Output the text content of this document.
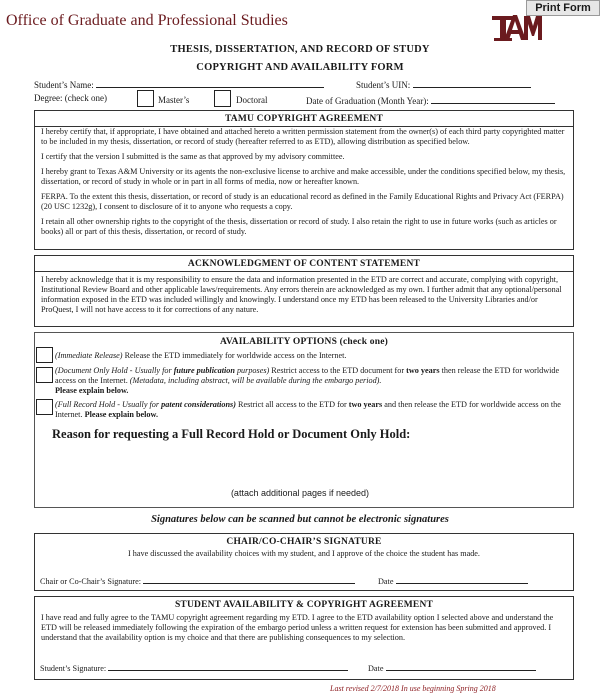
Office of Graduate and Professional Studies
Print Form
THESIS, DISSERTATION, AND RECORD OF STUDY
COPYRIGHT AND AVAILABILITY FORM
Student’s Name:	Student’s UIN:
Degree: (check one)	Master’s	Doctoral	Date of Graduation (Month Year):
TAMU COPYRIGHT AGREEMENT
I hereby certify that, if appropriate, I have obtained and attached hereto a written permission statement from the owner(s) of each third party copyrighted matter to be included in my thesis, dissertation, or record of study (hereafter referred to as ETD), allowing distribution as specified below.
I certify that the version I submitted is the same as that approved by my advisory committee.
I hereby grant to Texas A&M University or its agents the non-exclusive license to archive and make accessible, under the conditions specified below, my thesis, dissertation, or record of study in whole or in part in all forms of media, now or hereafter known.
FERPA. To the extent this thesis, dissertation, or record of study is an educational record as defined in the Family Educational Rights and Privacy Act (FERPA) (20 USC 1232g), I consent to disclosure of it to anyone who requests a copy.
I retain all other ownership rights to the copyright of the thesis, dissertation or record of study. I also retain the right to use in future works (such as articles or books) all or part of this thesis, dissertation, or record of study.
ACKNOWLEDGMENT OF CONTENT STATEMENT
I hereby acknowledge that it is my responsibility to ensure the data and information presented in the ETD are correct and accurate, complying with copyright, Institutional Review Board and other applicable laws/requirements. Any errors therein are acknowledged as my own. I further admit that any optional/personal information exposed in the ETD was included willingly and knowingly. I understand once my ETD has been released to the University Libraries and/or ProQuest, I will not have access to it for corrections of any nature.
AVAILABILITY OPTIONS (check one)
(Immediate Release) Release the ETD immediately for worldwide access on the Internet.
(Document Only Hold - Usually for future publication purposes) Restrict access to the ETD document for two years then release the ETD for worldwide access on the Internet. (Metadata, including abstract, will be available during the embargo period).
Please explain below.
(Full Record Hold - Usually for patent considerations) Restrict all access to the ETD for two years and then release the ETD for worldwide access on the Internet. Please explain below.
Reason for requesting a Full Record Hold or Document Only Hold:
(attach additional pages if needed)
Signatures below can be scanned but cannot be electronic signatures
CHAIR/CO-CHAIR’S SIGNATURE
I have discussed the availability choices with my student, and I approve of the choice the student has made.
Chair or Co-Chair’s Signature:	Date
STUDENT AVAILABILITY & COPYRIGHT AGREEMENT
I have read and fully agree to the TAMU copyright agreement regarding my ETD. I agree to the ETD availability option I selected above and understand the ETD will be released immediately following the expiration of the embargo period unless a written request for extension has been submitted and approved. I understand that the availability option is my choice and that there are publishing consequences to my selection.
Student’s Signature:	Date
Last revised 2/7/2018 In use beginning Spring 2018
